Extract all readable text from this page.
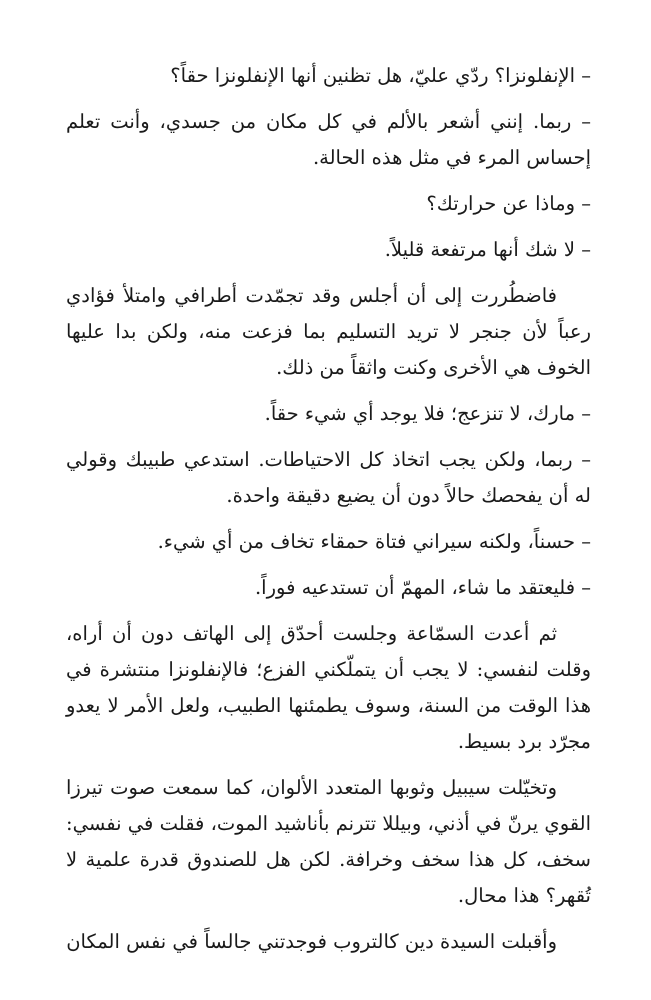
– الإنفلونزا؟ ردّي عليّ، هل تظنين أنها الإنفلونزا حقاً؟

– ربما. إنني أشعر بالألم في كل مكان من جسدي، وأنت تعلم إحساس المرء في مثل هذه الحالة.

– وماذا عن حرارتك؟

– لا شك أنها مرتفعة قليلاً.

فاضطُررت إلى أن أجلس وقد تجمّدت أطرافي وامتلأ فؤادي رعباً لأن جنجر لا تريد التسليم بما فزعت منه، ولكن بدا عليها الخوف هي الأخرى وكنت واثقاً من ذلك.

– مارك، لا تنزعج؛ فلا يوجد أي شيء حقاً.

– ربما، ولكن يجب اتخاذ كل الاحتياطات. استدعي طبيبك وقولي له أن يفحصك حالاً دون أن يضيع دقيقة واحدة.

– حسناً، ولكنه سيراني فتاة حمقاء تخاف من أي شيء.

– فليعتقد ما شاء، المهمّ أن تستدعيه فوراً.

ثم أعدت السمّاعة وجلست أحدّق إلى الهاتف دون أن أراه، وقلت لنفسي: لا يجب أن يتملّكني الفزع؛ فالإنفلونزا منتشرة في هذا الوقت من السنة، وسوف يطمئنها الطبيب، ولعل الأمر لا يعدو مجرّد برد بسيط.

وتخيّلت سيبيل وثوبها المتعدد الألوان، كما سمعت صوت تيرزا القوي يرنّ في أذني، وبيللا تترنم بأناشيد الموت، فقلت في نفسي: سخف، كل هذا سخف وخرافة. لكن هل للصندوق قدرة علمية لا تُقهر؟ هذا محال.

وأقبلت السيدة دين كالتروب فوجدتني جالساً في نفس المكان
